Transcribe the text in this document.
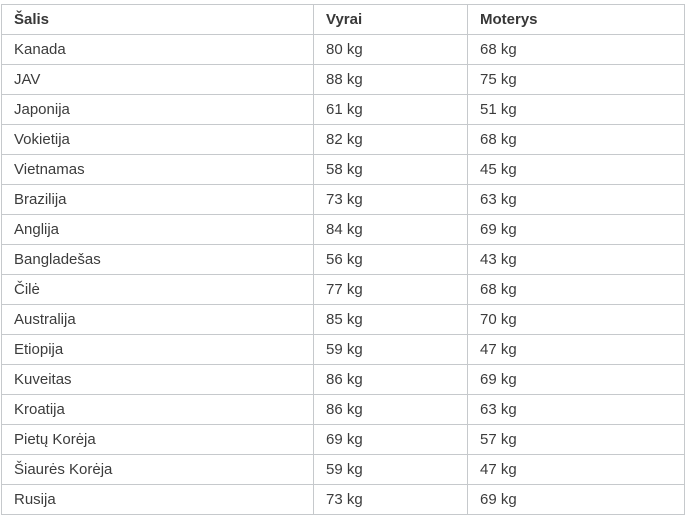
Šalis	Vyrai	Moterys
Kanada	80 kg	68 kg
JAV	88 kg	75 kg
Japonija	61 kg	51 kg
Vokietija	82 kg	68 kg
Vietnamas	58 kg	45 kg
Brazilija	73 kg	63 kg
Anglija	84 kg	69 kg
Bangladešas	56 kg	43 kg
Čilė	77 kg	68 kg
Australija	85 kg	70 kg
Etiopija	59 kg	47 kg
Kuveitas	86 kg	69 kg
Kroatija	86 kg	63 kg
Pietų Korėja	69 kg	57 kg
Šiaurės Korėja	59 kg	47 kg
Rusija	73 kg	69 kg
